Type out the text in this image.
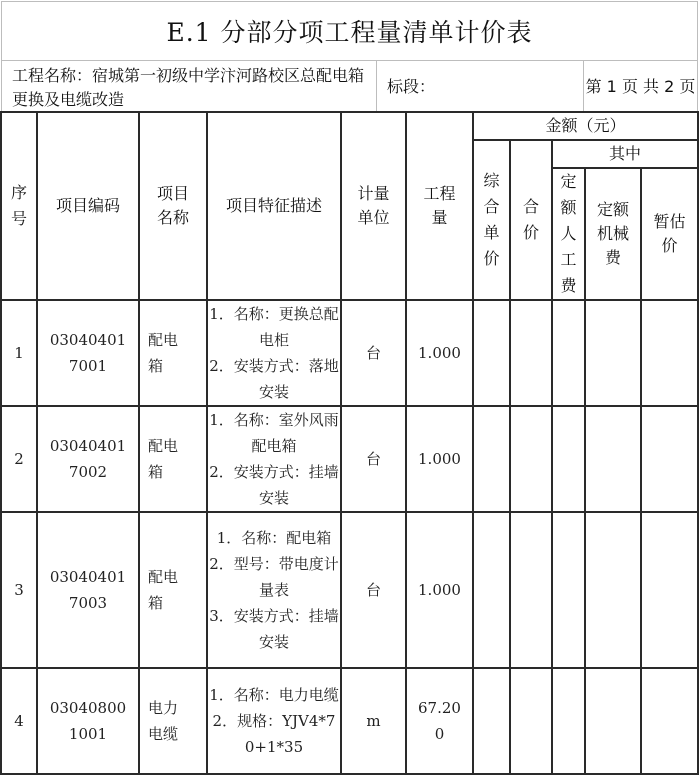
E.1 分部分项工程量清单计价表
工程名称：宿城第一初级中学汴河路校区总配电箱更换及电缆改造
标段：	第 1 页 共 2 页
序号	项目编码	项目名称	项目特征描述	计量单位	工程量	金额（元）				
						综合单价	合价	其中		
								定额人工费	定额机械费	暂估价
1	030404017001	配电箱	1．名称：更换总配电柜
2．安装方式：落地安装	台	1.000					
2	030404017002	配电箱	1．名称：室外风雨配电箱
2．安装方式：挂墙安装	台	1.000					
3	030404017003	配电箱	1．名称：配电箱
2．型号：带电度计量表
3．安装方式：挂墙安装	台	1.000					
4	030408001001	电力电缆	1．名称：电力电缆
2．规格：YJV4*70+1*35	m	67.200					
